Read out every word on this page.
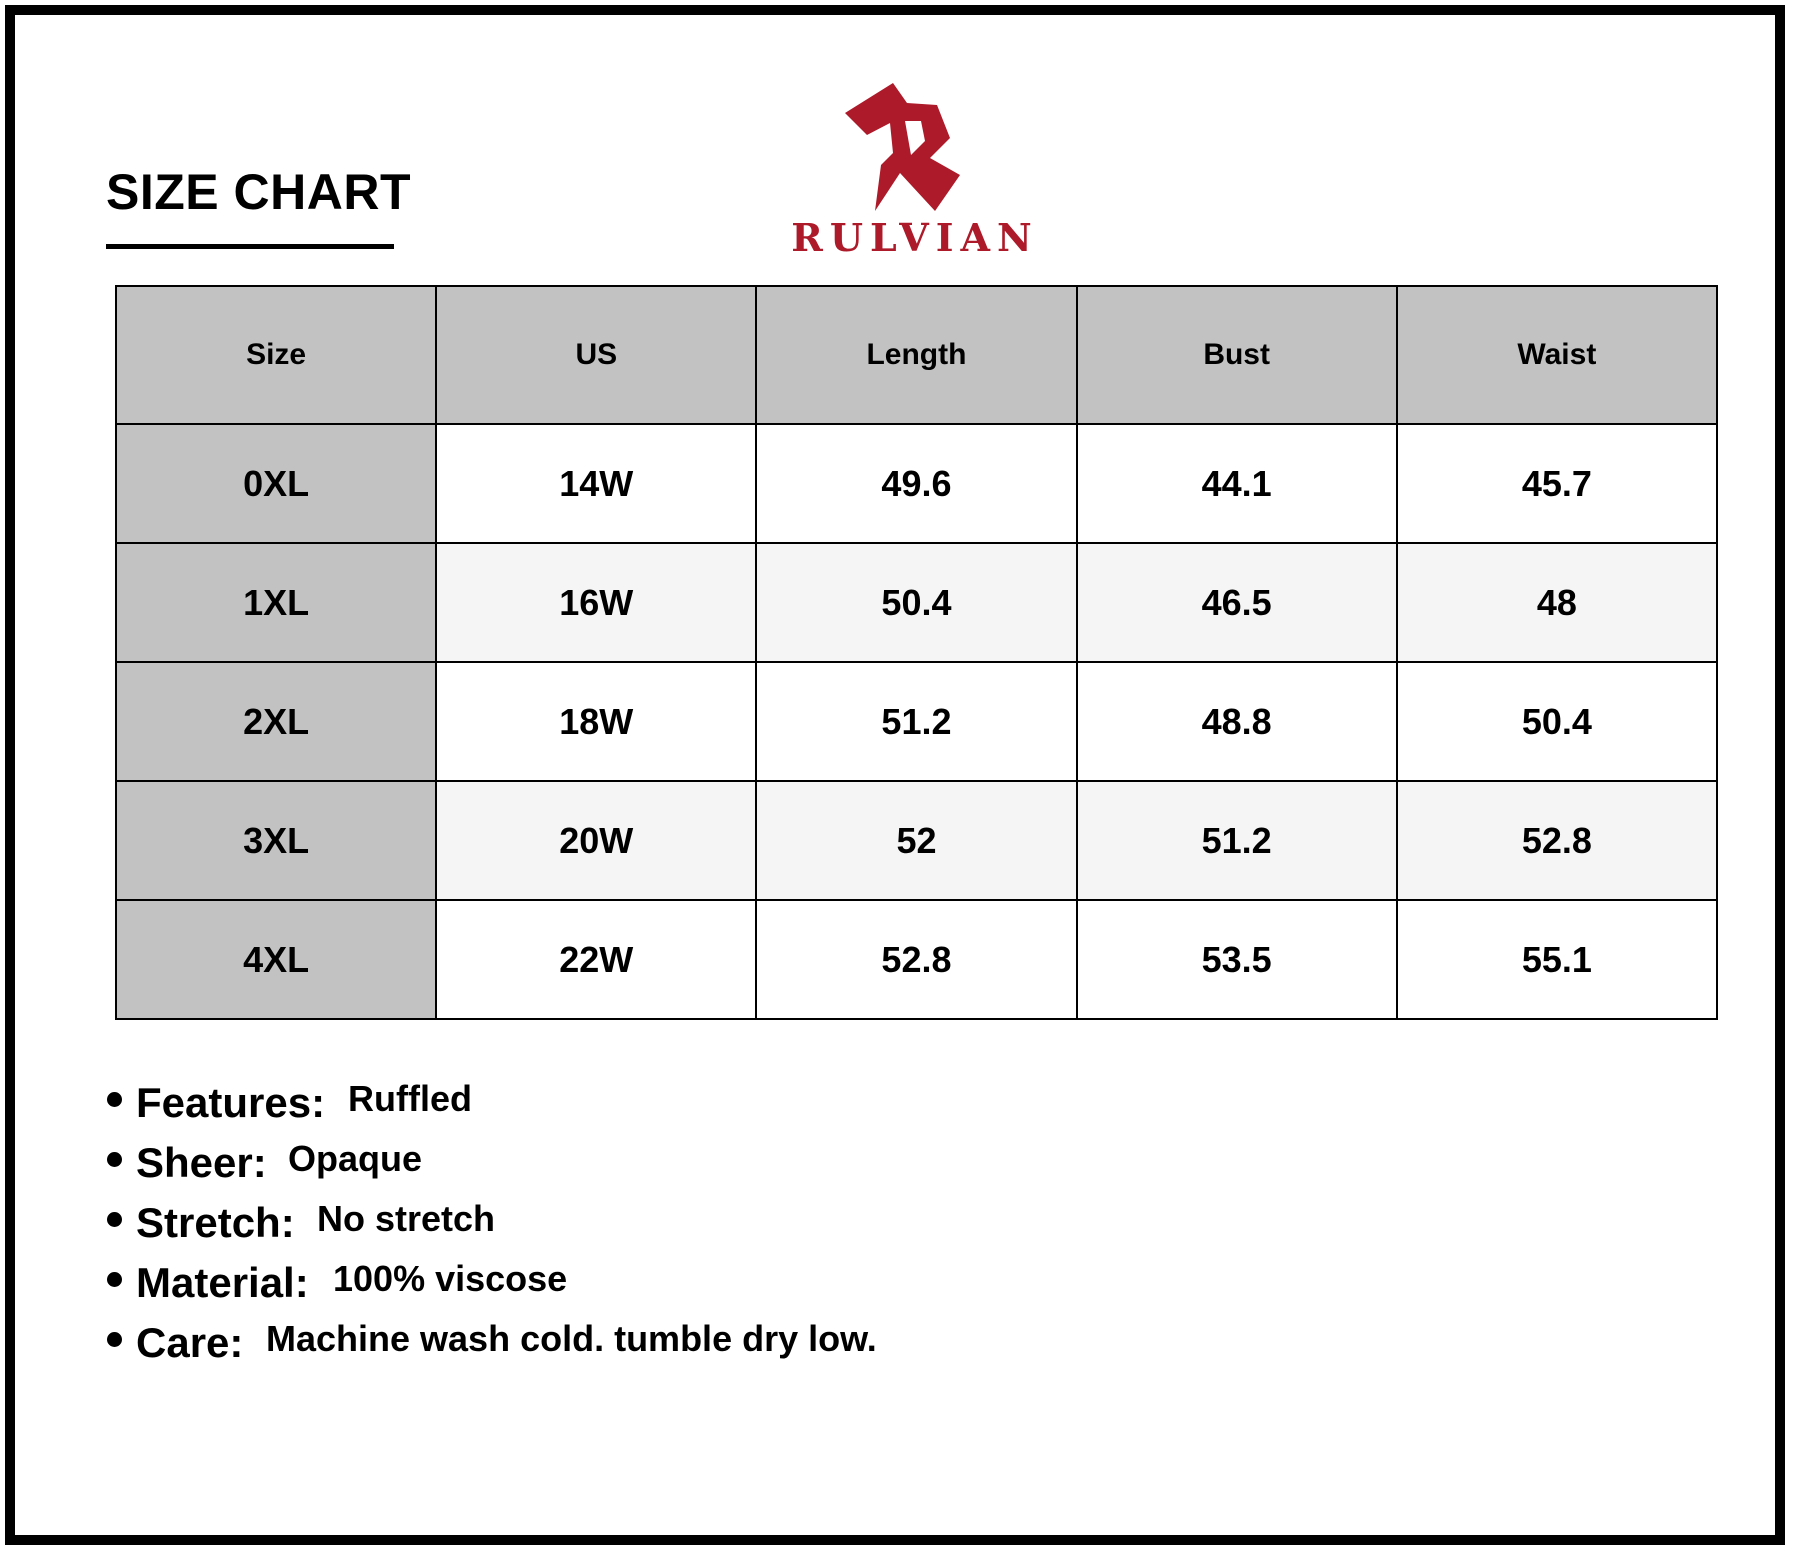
SIZE CHART
RULVIAN
Size	US	Length	Bust	Waist
0XL	14W	49.6	44.1	45.7
1XL	16W	50.4	46.5	48
2XL	18W	51.2	48.8	50.4
3XL	20W	52	51.2	52.8
4XL	22W	52.8	53.5	55.1
Features: Ruffled
Sheer: Opaque
Stretch: No stretch
Material: 100% viscose
Care: Machine wash cold. tumble dry low.
